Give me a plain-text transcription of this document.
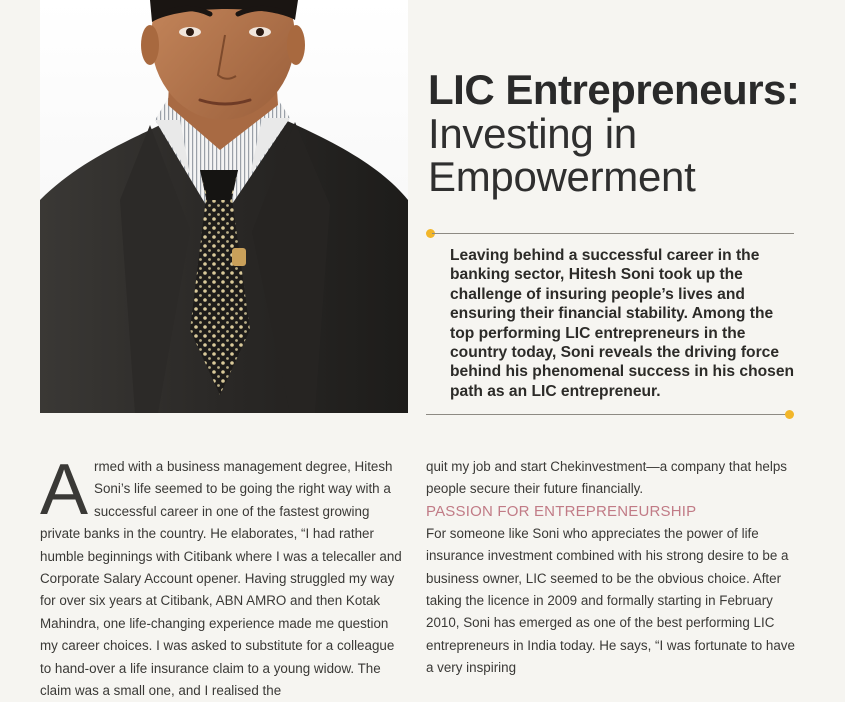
LIC Entrepreneurs:

Investing in

Empowerment

Leaving behind a successful career in the banking sector, Hitesh Soni took up the challenge of insuring people’s lives and ensuring their financial stability. Among the top performing LIC entrepreneurs in the country today, Soni reveals the driving force behind his phenomenal success in his chosen path as an LIC entrepreneur.

Armed with a business management degree, Hitesh Soni’s life seemed to be going the right way with a successful career in one of the fastest growing private banks in the country. He elaborates, “I had rather humble beginnings with Citibank where I was a telecaller and Corporate Salary Account opener. Having struggled my way for over six years at Citibank, ABN AMRO and then Kotak Mahindra, one life-changing experience made me question my career choices. I was asked to substitute for a colleague to hand-over a life insurance claim to a young widow. The claim was a small one, and I realised the

quit my job and start Chekinvestment—a company that helps people secure their future financially.

PASSION FOR ENTREPRENEURSHIP

For someone like Soni who appreciates the power of life insurance investment combined with his strong desire to be a business owner, LIC seemed to be the obvious choice. After taking the licence in 2009 and formally starting in February 2010, Soni has emerged as one of the best performing LIC entrepreneurs in India today. He says, “I was fortunate to have a very inspiring
